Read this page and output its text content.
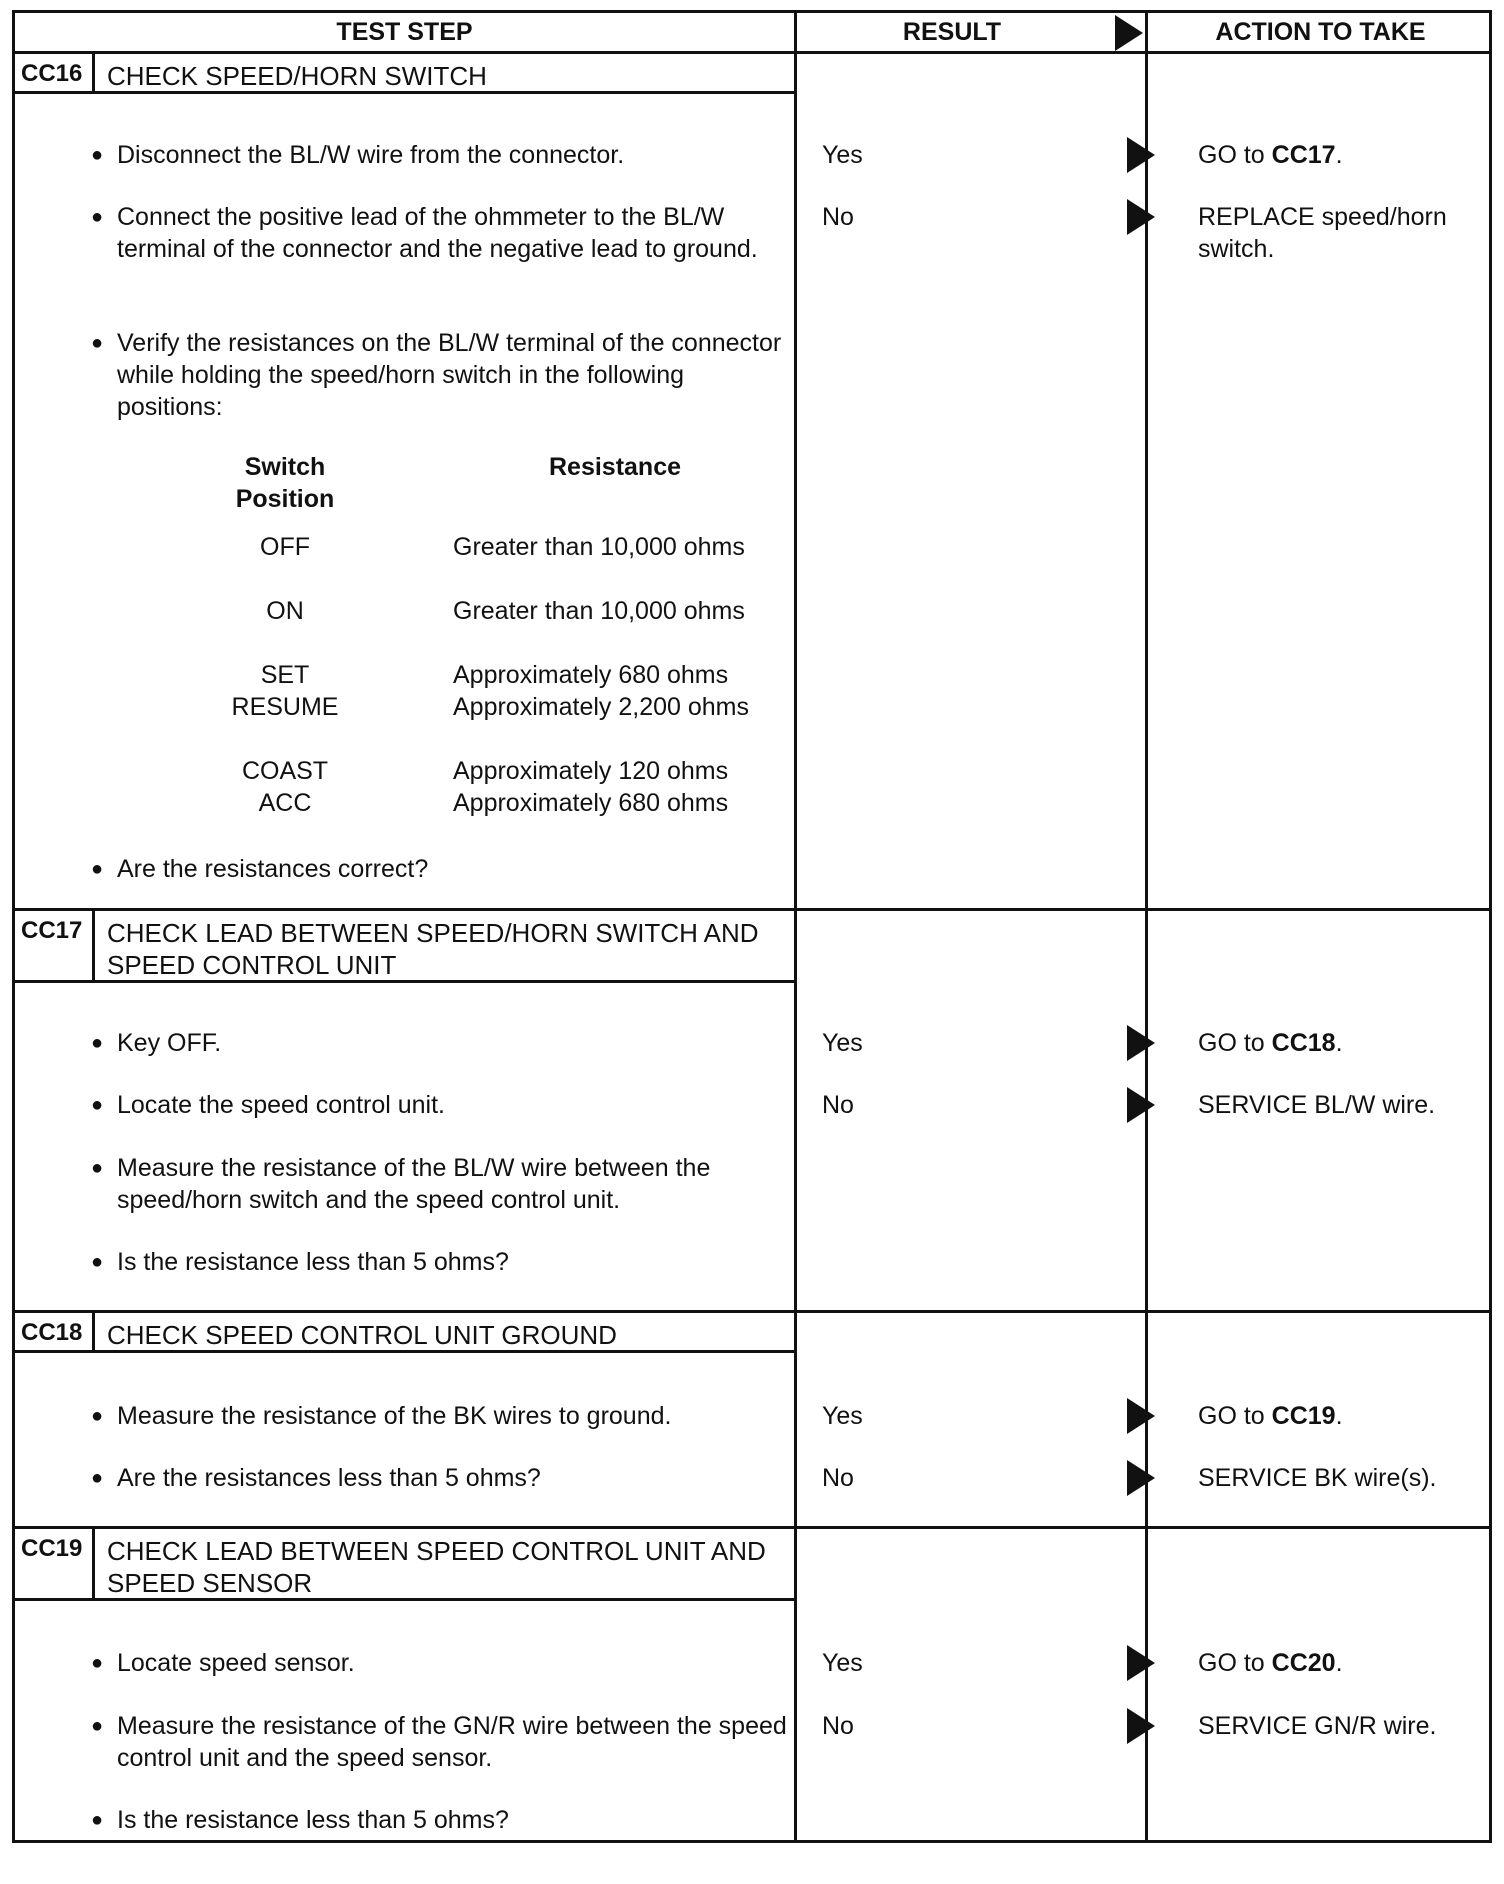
TEST STEP	RESULT	ACTION TO TAKE
CC16 CHECK SPEED/HORN SWITCH
● Disconnect the BL/W wire from the connector.
● Connect the positive lead of the ohmmeter to the BL/W terminal of the connector and the negative lead to ground.
● Verify the resistances on the BL/W terminal of the connector while holding the speed/horn switch in the following positions:
Switch Position
Resistance
OFF	Greater than 10,000 ohms
ON	Greater than 10,000 ohms
SET	Approximately 680 ohms
RESUME	Approximately 2,200 ohms
COAST	Approximately 120 ohms
ACC	Approximately 680 ohms
● Are the resistances correct?
Yes	GO to CC17.
No	REPLACE speed/horn switch.
CC17 CHECK LEAD BETWEEN SPEED/HORN SWITCH AND SPEED CONTROL UNIT
● Key OFF.
● Locate the speed control unit.
● Measure the resistance of the BL/W wire between the speed/horn switch and the speed control unit.
● Is the resistance less than 5 ohms?
Yes	GO to CC18.
No	SERVICE BL/W wire.
CC18 CHECK SPEED CONTROL UNIT GROUND
● Measure the resistance of the BK wires to ground.
● Are the resistances less than 5 ohms?
Yes	GO to CC19.
No	SERVICE BK wire(s).
CC19 CHECK LEAD BETWEEN SPEED CONTROL UNIT AND SPEED SENSOR
● Locate speed sensor.
● Measure the resistance of the GN/R wire between the speed control unit and the speed sensor.
● Is the resistance less than 5 ohms?
Yes	GO to CC20.
No	SERVICE GN/R wire.
